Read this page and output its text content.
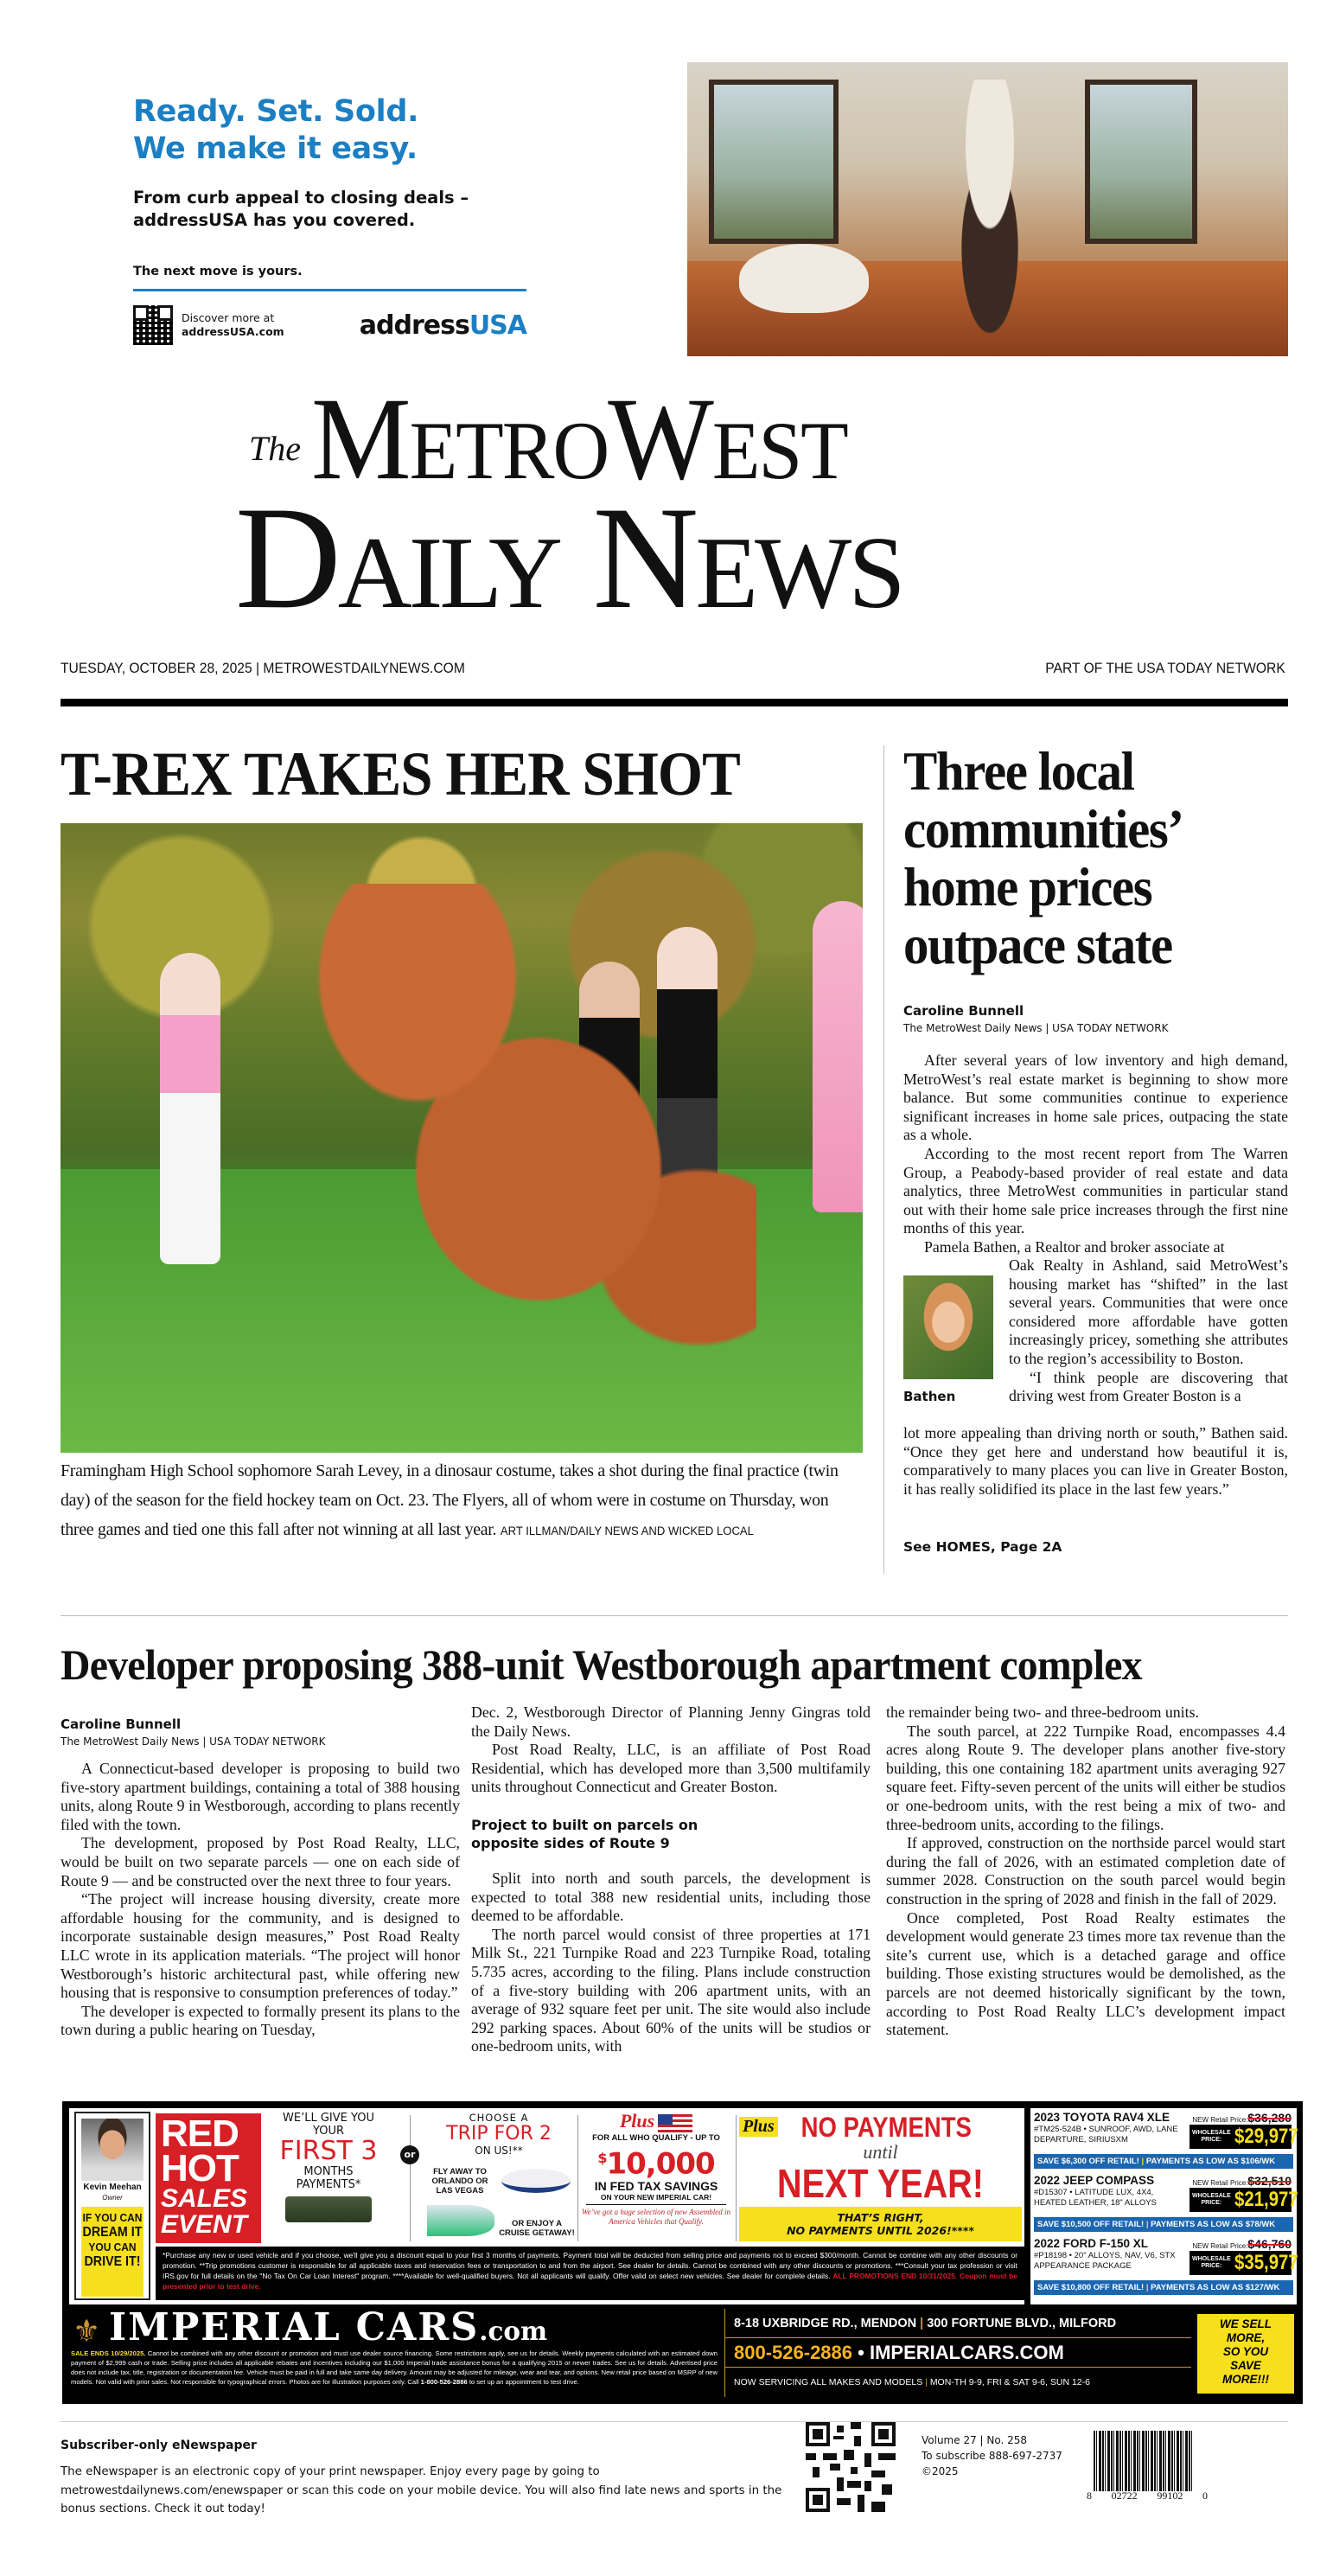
Ready. Set. Sold.
We make it easy.
From curb appeal to closing deals –
addressUSA has you covered.
The next move is yours.
Discover more at
addressUSA.com	addressUSA
The MetroWest
Daily News
TUESDAY, OCTOBER 28, 2025 | METROWESTDAILYNEWS.COM	PART OF THE USA TODAY NETWORK
T-REX TAKES HER SHOT
Framingham High School sophomore Sarah Levey, in a dinosaur costume, takes a shot during the final practice (twin day) of the season for the field hockey team on Oct. 23. The Flyers, all of whom were in costume on Thursday, won three games and tied one this fall after not winning at all last year. ART ILLMAN/DAILY NEWS AND WICKED LOCAL
Three local communities’ home prices outpace state
Caroline Bunnell
The MetroWest Daily News | USA TODAY NETWORK

After several years of low inventory and high demand, MetroWest’s real estate market is beginning to show more balance. But some communities continue to experience significant increases in home sale prices, outpacing the state as a whole.

According to the most recent report from The Warren Group, a Peabody-based provider of real estate and data analytics, three MetroWest communities in particular stand out with their home sale price increases through the first nine months of this year.

Pamela Bathen, a Realtor and broker associate at

Bathen

Oak Realty in Ashland, said MetroWest’s housing market has “shifted” in the last several years. Communities that were once considered more affordable have gotten increasingly pricey, something she attributes to the region’s accessibility to Boston.

“I think people are discovering that driving west from Greater Boston is a

lot more appealing than driving north or south,” Bathen said. “Once they get here and understand how beautiful it is, comparatively to many places you can live in Greater Boston, it has really solidified its place in the last few years.”

See HOMES, Page 2A
Developer proposing 388-unit Westborough apartment complex
Caroline Bunnell
The MetroWest Daily News | USA TODAY NETWORK

A Connecticut-based developer is proposing to build two five-story apartment buildings, containing a total of 388 housing units, along Route 9 in Westborough, according to plans recently filed with the town.

The development, proposed by Post Road Realty, LLC, would be built on two separate parcels — one on each side of Route 9 — and be constructed over the next three to four years.

“The project will increase housing diversity, create more affordable housing for the community, and is designed to incorporate sustainable design measures,” Post Road Realty LLC wrote in its application materials. “The project will honor Westborough’s historic architectural past, while offering new housing that is responsive to consumption preferences of today.”

The developer is expected to formally present its plans to the town during a public hearing on Tuesday,

Dec. 2, Westborough Director of Planning Jenny Gingras told the Daily News.

Post Road Realty, LLC, is an affiliate of Post Road Residential, which has developed more than 3,500 multifamily units throughout Connecticut and Greater Boston.

Project to built on parcels on opposite sides of Route 9

Split into north and south parcels, the development is expected to total 388 new residential units, including those deemed to be affordable.

The north parcel would consist of three properties at 171 Milk St., 221 Turnpike Road and 223 Turnpike Road, totaling 5.735 acres, according to the filing. Plans include construction of a five-story building with 206 apartment units, with an average of 932 square feet per unit. The site would also include 292 parking spaces. About 60% of the units will be studios or one-bedroom units, with

the remainder being two- and three-bedroom units.

The south parcel, at 222 Turnpike Road, encompasses 4.4 acres along Route 9. The developer plans another five-story building, this one containing 182 apartment units averaging 927 square feet. Fifty-seven percent of the units will either be studios or one-bedroom units, with the rest being a mix of two- and three-bedroom units, according to the filings.

If approved, construction on the northside parcel would start during the fall of 2026, with an estimated completion date of summer 2028. Construction on the south parcel would begin construction in the spring of 2028 and finish in the fall of 2029.

Once completed, Post Road Realty estimates the development would generate 23 times more tax revenue than the site’s current use, which is a detached garage and office building. Those existing structures would be demolished, as the parcels are not deemed historically significant by the town, according to Post Road Realty LLC’s development impact statement.

Kevin Meehan
Owner
IF YOU CAN
DREAM IT
YOU CAN
DRIVE IT!
RED
HOT
SALES
EVENT
WE’LL GIVE YOU
YOUR
FIRST 3
MONTHS
PAYMENTS*
or
CHOOSE A
TRIP FOR 2
ON US!**
FLY AWAY TO ORLANDO OR LAS VEGAS
OR ENJOY A CRUISE GETAWAY!
Plus
FOR ALL WHO QUALIFY - UP TO
$10,000
IN FED TAX SAVINGS
ON YOUR NEW IMPERIAL CAR!
We’ve got a huge selection of new Assembled in America Vehicles that Qualify.
Plus NO PAYMENTS
until
NEXT YEAR!
THAT’S RIGHT,
NO PAYMENTS UNTIL 2026!****
*Purchase any new or used vehicle and if you choose, we'll give you a discount equal to your first 3 months of payments. Payment total will be deducted from selling price and payments not to exceed $300/month. Cannot be combine with any other discounts or promotion. **Trip promotions customer is responsible for all applicable taxes and reservation fees or transportation to and from the airport. See dealer for details. Cannot be combined with any other discounts or promotions. ***Consult your tax profession or visit IRS.gov for full details on the "No Tax On Car Loan Interest" program. ****Available for well-qualified buyers. Not all applicants will qualify. Offer valid on select new vehicles. See dealer for complete details. ALL PROMOTIONS END 10/31/2025. Coupon must be presented prior to test drive.
2023 TOYOTA RAV4 XLE
#TM25-524B • SUNROOF, AWD, LANE DEPARTURE, SIRIUSXM
NEW Retail Price:$36,280
WHOLESALE PRICE: $29,977
SAVE $6,300 OFF RETAIL! | PAYMENTS AS LOW AS $106/WK
2022 JEEP COMPASS
#D15307 • LATITUDE LUX, 4X4, HEATED LEATHER, 18" ALLOYS
NEW Retail Price:$32,510
WHOLESALE PRICE: $21,977
SAVE $10,500 OFF RETAIL! | PAYMENTS AS LOW AS $78/WK
2022 FORD F-150 XL
#P18198 • 20" ALLOYS, NAV, V6, STX APPEARANCE PACKAGE
NEW Retail Price:$46,760
WHOLESALE PRICE: $35,977
SAVE $10,800 OFF RETAIL! | PAYMENTS AS LOW AS $127/WK
⚜ IMPERIAL CARS.com
SALE ENDS 10/29/2025. Cannot be combined with any other discount or promotion and must use dealer source financing. Some restrictions apply, see us for details. Weekly payments calculated with an estimated down payment of $2,999 cash or trade. Selling price includes all applicable rebates and incentives including our $1,000 Imperial trade assistance bonus for a qualifying 2015 or newer trades. See us for details. Advertised price does not include tax, title, registration or documentation fee. Vehicle must be paid in full and take same day delivery. Amount may be adjusted for mileage, wear and tear, and options. New retail price based on MSRP of new models. Not valid with prior sales. Not responsible for typographical errors. Photos are for illustration purposes only. Call 1-800-526-2886 to set up an appointment to test drive.
8-18 UXBRIDGE RD., MENDON
|
300 FORTUNE BLVD., MILFORD
800-526-2886 • IMPERIALCARS.COM
NOW SERVICING ALL MAKES AND MODELS
|
MON-TH 9-9, FRI & SAT 9-6, SUN 12-6
WE SELL
MORE,
SO YOU
SAVE
MORE!!!
Subscriber-only eNewspaper
The eNewspaper is an electronic copy of your print newspaper. Enjoy every page by going to metrowestdailynews.com/enewspaper or scan this code on your mobile device. You will also find late news and sports in the bonus sections. Check it out today!
Volume 27 | No. 258
To subscribe 888-697-2737
©2025
8 02722 99102 0
